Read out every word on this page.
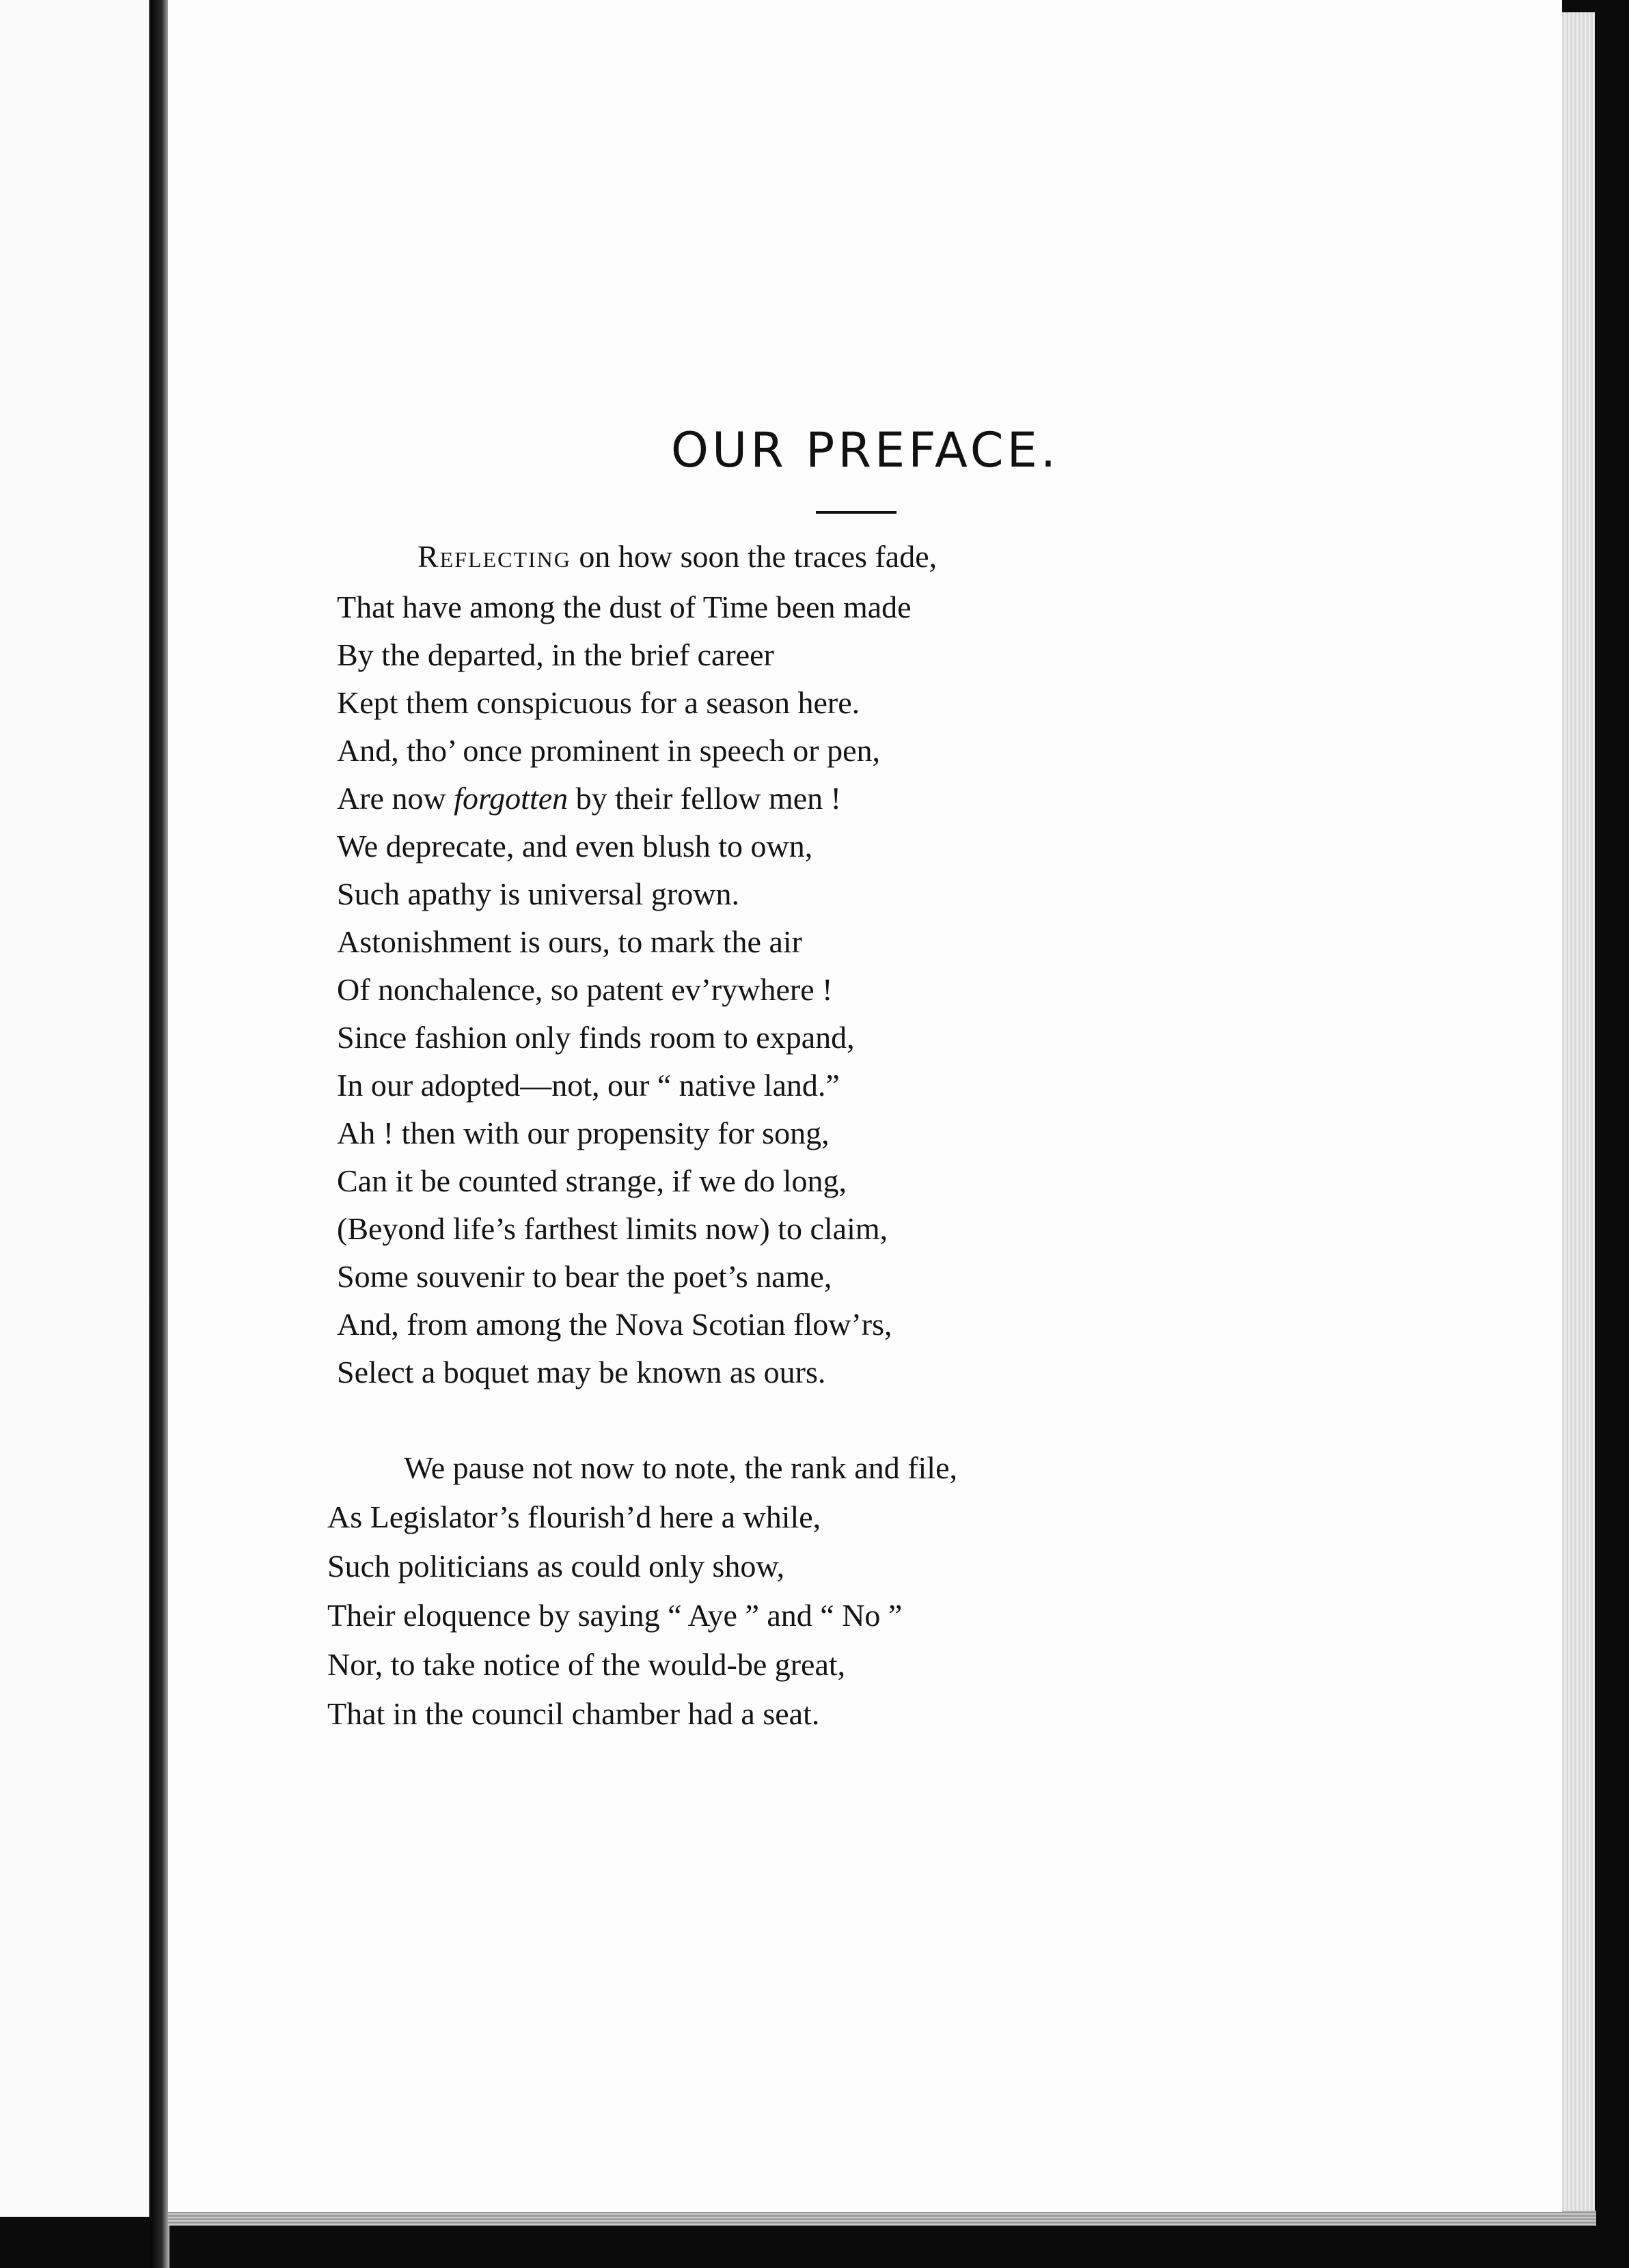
OUR PREFACE.
Reflecting on how soon the traces fade,
That have among the dust of Time been made
By the departed, in the brief career
Kept them conspicuous for a season here.
And, tho’ once prominent in speech or pen,
Are now forgotten by their fellow men !
We deprecate, and even blush to own,
Such apathy is universal grown.
Astonishment is ours, to mark the air
Of nonchalence, so patent ev’rywhere !
Since fashion only finds room to expand,
In our adopted—not, our “ native land.”
Ah ! then with our propensity for song,
Can it be counted strange, if we do long,
(Beyond life’s farthest limits now) to claim,
Some souvenir to bear the poet’s name,
And, from among the Nova Scotian flow’rs,
Select a boquet may be known as ours.
We pause not now to note, the rank and file,
As Legislator’s flourish’d here a while,
Such politicians as could only show,
Their eloquence by saying “ Aye ” and “ No ”
Nor, to take notice of the would-be great,
That in the council chamber had a seat.
